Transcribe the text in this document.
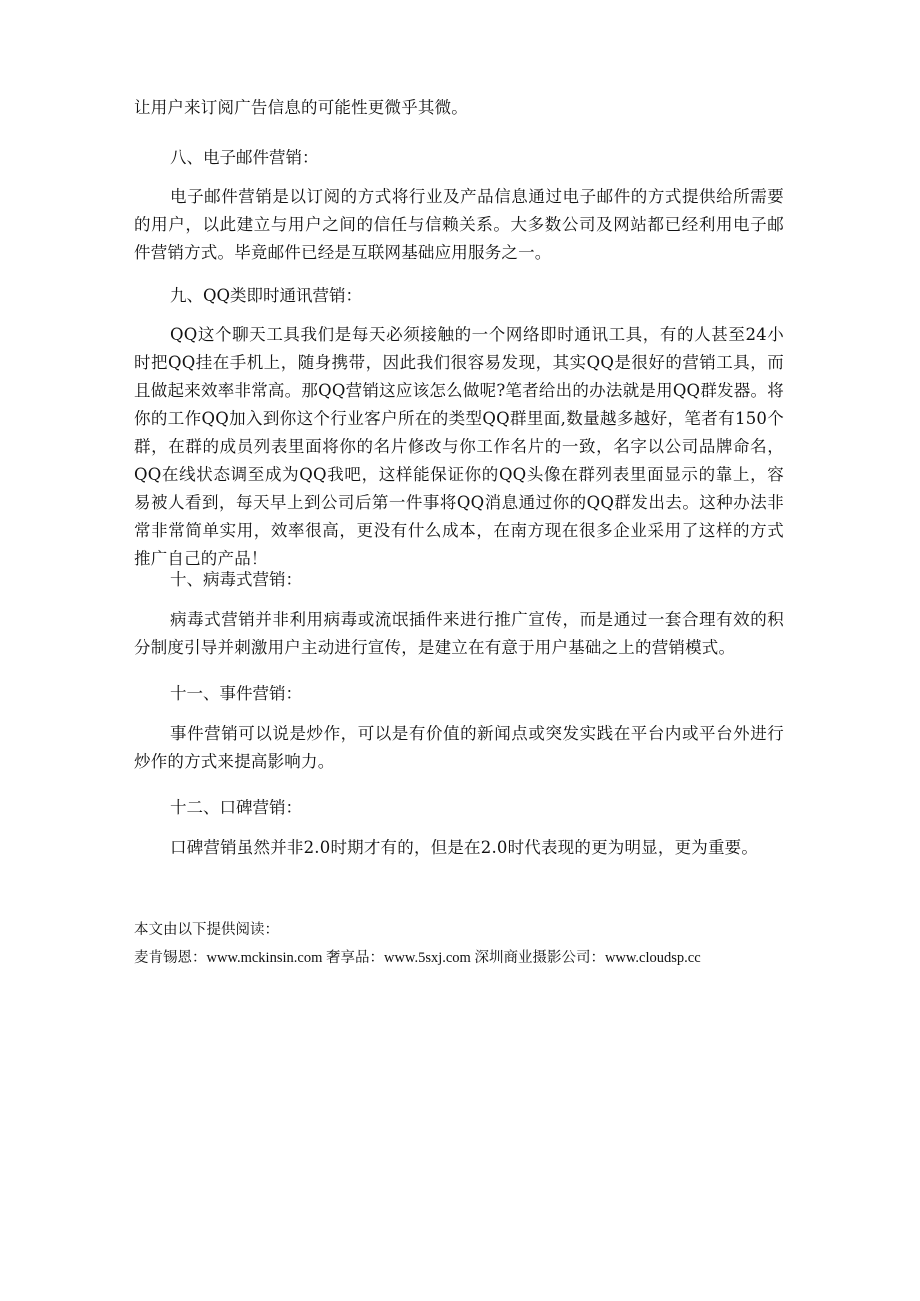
让用户来订阅广告信息的可能性更微乎其微。

八、电子邮件营销：

电子邮件营销是以订阅的方式将行业及产品信息通过电子邮件的方式提供给所需要的用户，以此建立与用户之间的信任与信赖关系。大多数公司及网站都已经利用电子邮件营销方式。毕竟邮件已经是互联网基础应用服务之一。

九、QQ类即时通讯营销：

QQ这个聊天工具我们是每天必须接触的一个网络即时通讯工具，有的人甚至24小时把QQ挂在手机上，随身携带，因此我们很容易发现，其实QQ是很好的营销工具，而且做起来效率非常高。那QQ营销这应该怎么做呢?笔者给出的办法就是用QQ群发器。将你的工作QQ加入到你这个行业客户所在的类型QQ群里面,数量越多越好，笔者有150个群，在群的成员列表里面将你的名片修改与你工作名片的一致，名字以公司品牌命名，QQ在线状态调至成为QQ我吧，这样能保证你的QQ头像在群列表里面显示的靠上，容易被人看到，每天早上到公司后第一件事将QQ消息通过你的QQ群发出去。这种办法非常非常简单实用，效率很高，更没有什么成本，在南方现在很多企业采用了这样的方式推广自己的产品！

十、病毒式营销：

病毒式营销并非利用病毒或流氓插件来进行推广宣传，而是通过一套合理有效的积分制度引导并刺激用户主动进行宣传，是建立在有意于用户基础之上的营销模式。

十一、事件营销：

事件营销可以说是炒作，可以是有价值的新闻点或突发实践在平台内或平台外进行炒作的方式来提高影响力。

十二、口碑营销：

口碑营销虽然并非2.0时期才有的，但是在2.0时代表现的更为明显，更为重要。

本文由以下提供阅读：

麦肯锡恩：www.mckinsin.com 奢享品：www.5sxj.com 深圳商业摄影公司：www.cloudsp.cc
